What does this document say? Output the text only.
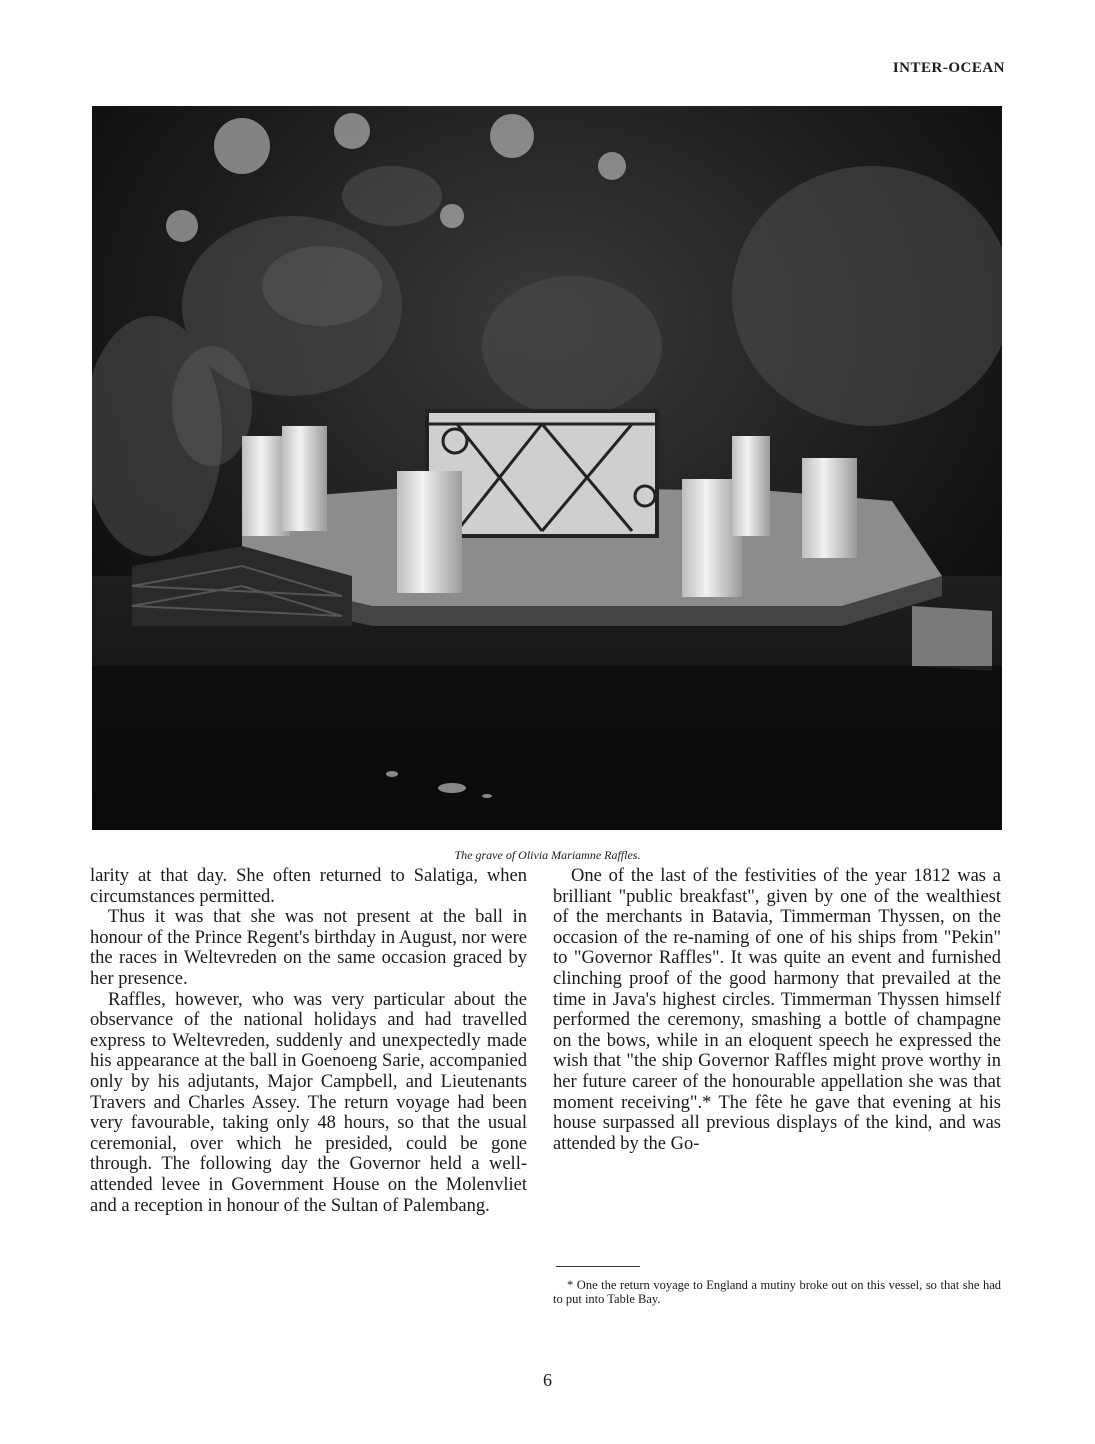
INTER-OCEAN
The grave of Olivia Mariamne Raffles.

larity at that day. She often returned to Salatiga, when circumstances permitted.

Thus it was that she was not present at the ball in honour of the Prince Regent's birthday in August, nor were the races in Weltevreden on the same occasion graced by her presence.

Raffles, however, who was very particular about the observance of the national holidays and had travelled express to Weltevreden, suddenly and unexpectedly made his appearance at the ball in Goenoeng Sarie, accompanied only by his adjutants, Major Campbell, and Lieutenants Travers and Charles Assey. The return voyage had been very favourable, taking only 48 hours, so that the usual ceremonial, over which he presided, could be gone through. The following day the Governor held a well-attended levee in Government House on the Molenvliet and a reception in honour of the Sultan of Palembang.

One of the last of the festivities of the year 1812 was a brilliant "public breakfast", given by one of the wealthiest of the merchants in Batavia, Timmerman Thyssen, on the occasion of the re-naming of one of his ships from "Pekin" to "Governor Raffles". It was quite an event and furnished clinching proof of the good harmony that prevailed at the time in Java's highest circles. Timmerman Thyssen himself performed the ceremony, smashing a bottle of champagne on the bows, while in an eloquent speech he expressed the wish that "the ship Governor Raffles might prove worthy in her future career of the honourable appellation she was that moment receiving".* The fête he gave that evening at his house surpassed all previous displays of the kind, and was attended by the Go-

* One the return voyage to England a mutiny broke out on this vessel, so that she had to put into Table Bay.

6
